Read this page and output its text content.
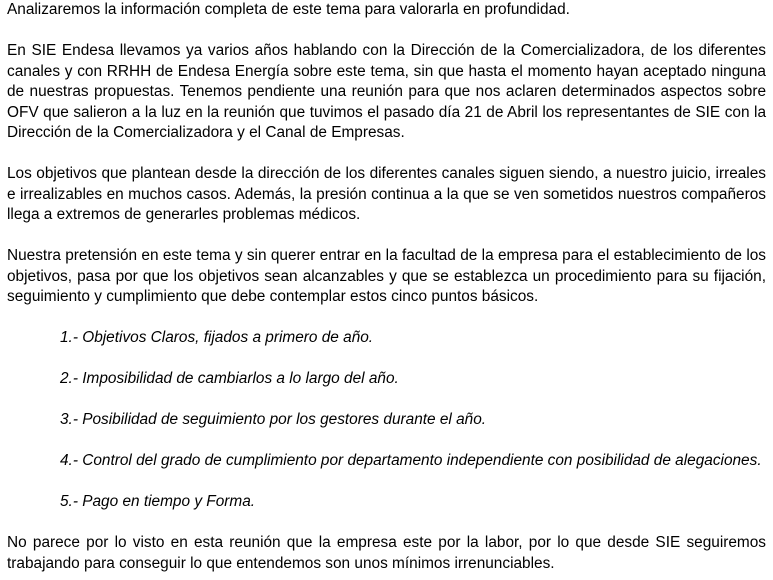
Analizaremos la información completa de este tema para valorarla en profundidad.

En SIE Endesa llevamos ya varios años hablando con la Dirección de la Comercializadora, de los diferentes canales y con RRHH de Endesa Energía sobre este tema, sin que hasta el momento hayan aceptado ninguna de nuestras propuestas. Tenemos pendiente una reunión para que nos aclaren determinados aspectos sobre OFV que salieron a la luz en la reunión que tuvimos el pasado día 21 de Abril los representantes de SIE con la Dirección de la Comercializadora y el Canal de Empresas.

Los objetivos que plantean desde la dirección de los diferentes canales siguen siendo, a nuestro juicio, irreales e irrealizables en muchos casos. Además, la presión continua a la que se ven sometidos nuestros compañeros llega a extremos de generarles problemas médicos.

Nuestra pretensión en este tema y sin querer entrar en la facultad de la empresa para el establecimiento de los objetivos, pasa por que los objetivos sean alcanzables y que se establezca un procedimiento para su fijación, seguimiento y cumplimiento que debe contemplar estos cinco puntos básicos.

1.- Objetivos Claros, fijados a primero de año.

2.- Imposibilidad de cambiarlos a lo largo del año.

3.- Posibilidad de seguimiento por los gestores durante el año.

4.- Control del grado de cumplimiento por departamento independiente con posibilidad de alegaciones.

5.- Pago en tiempo y Forma.

No parece por lo visto en esta reunión que la empresa este por la labor, por lo que desde SIE seguiremos trabajando para conseguir lo que entendemos son unos mínimos irrenunciables.
